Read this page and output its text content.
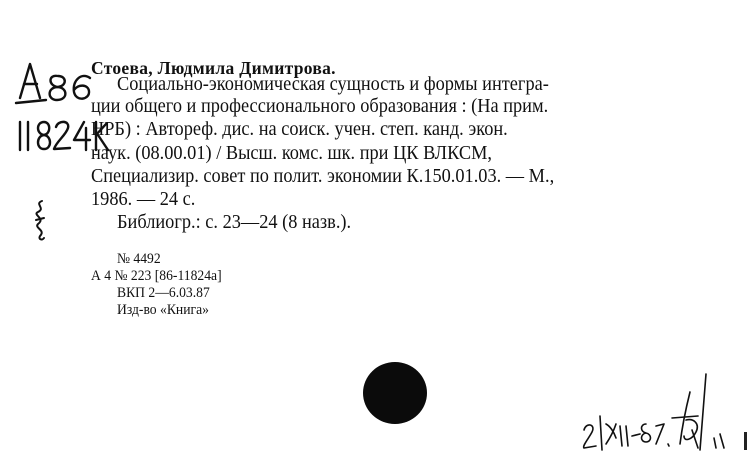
Стоева, Людмила Димитрова.
Социально-экономическая сущность и формы интегра-
ции общего и профессионального образования : (На прим.
НРБ) : Автореф. дис. на соиск. учен. степ. канд. экон.
наук. (08.00.01) / Высш. комс. шк. при ЦК ВЛКСМ,
Специализир. совет по полит. экономии К.150.01.03. — М.,
1986. — 24 с.
Библиогр.: с. 23—24 (8 назв.).
№ 4492
А 4 № 223 [86-11824а]
ВКП 2—6.03.87
Изд-во «Книга»
